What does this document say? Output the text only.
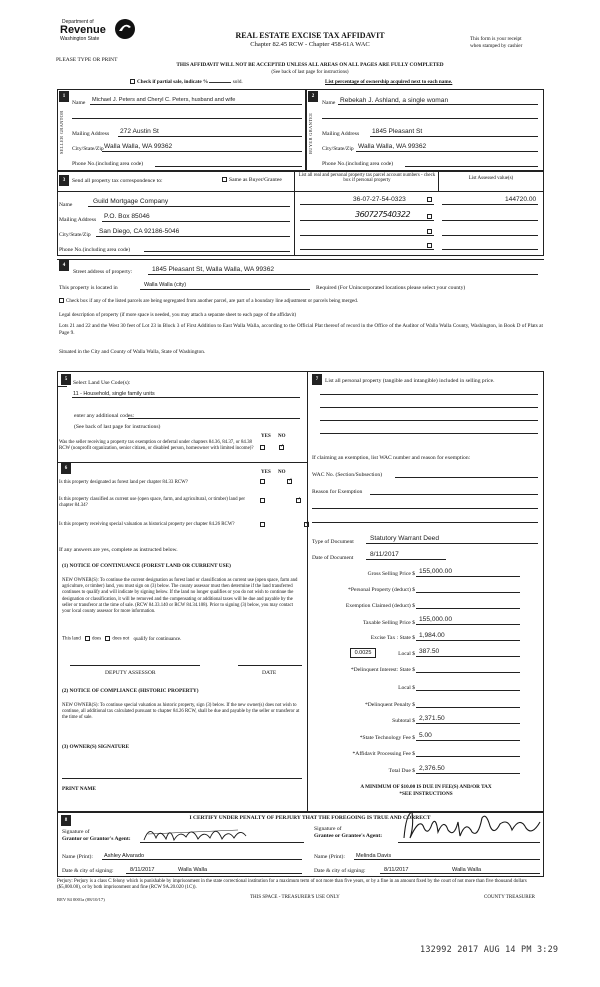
Department of
Revenue
Washington State	REAL ESTATE EXCISE TAX AFFIDAVIT
Chapter 82.45 RCW - Chapter 458-61A WAC
This form is your receipt
when stamped by cashier
PLEASE TYPE OR PRINT
THIS AFFIDAVIT WILL NOT BE ACCEPTED UNLESS ALL AREAS ON ALL PAGES ARE FULLY COMPLETED
(See back of last page for instructions)
Check if partial sale, indicate %	sold.	List percentage of ownership acquired next to each name.
1
SELLER GRANTOR
Name Michael J. Peters and Cheryl C. Peters, husband and wife
Mailing Address 272 Austin St
City/State/Zip Walla Walla, WA 99362
Phone No.(including area code)
2
BUYER GRANTEE
Name Rebekah J. Ashland, a single woman
Mailing Address 1845 Pleasant St
City/State/Zip Walla Walla, WA 99362
Phone No.(including area code)
3	Send all property tax correspondence to:	Same as Buyer/Grantee
List all real and personal property tax parcel account numbers - check box if personal property	List Assessed value(s)
Name	Guild Mortgage Company
Mailing Address P.O. Box 85046
City/State/Zip San Diego, CA 92186-5046
Phone No.(including area code)
36-07-27-54-0323	144720.00
360727540322
4
Street address of property:	1845 Pleasant St, Walla Walla, WA 99362
This property is located in	Walla Walla (city)	Required (For Unincorporated locations please select your county)
Check box if any of the listed parcels are being segregated from another parcel, are part of a boundary line adjustment or parcels being merged.
Legal description of property (if more space is needed, you may attach a separate sheet to each page of the affidavit)
Lots 21 and 22 and the West 30 feet of Lot 23 in Block 3 of First Addition to East Walla Walla, according to the Official Plat thereof of record in the Office of the Auditor of Walla Walla County, Washington, in Book D of Plats at Page 9.
Situated in the City and County of Walla Walla, State of Washington.
5
Select Land Use Code(s):
11 - Household, single family units
enter any additional codes:
(See back of last page for instructions)
YES NO
Was the seller receiving a property tax exemption or deferral under chapters 84.36, 84.37, or 84.38 RCW (nonprofit organization, senior citizen, or disabled person, homeowner with limited income)?
✓
6
YES NO
Is this property designated as forest land per chapter 84.33 RCW?
✓
Is this property classified as current use (open space, farm, and agricultural, or timber) land per chapter 84.34?
✓
Is this property receiving special valuation as historical property per chapter 84.26 RCW?
✓
If any answers are yes, complete as instructed below.
(1) NOTICE OF CONTINUANCE (FOREST LAND OR CURRENT USE)
NEW OWNER(S): To continue the current designation as forest land or classification as current use (open space, farm and agriculture, or timber) land, you must sign on (3) below. The county assessor must then determine if the land transferred continues to qualify and will indicate by signing below. If the land no longer qualifies or you do not wish to continue the designation or classification, it will be removed and the compensating or additional taxes will be due and payable by the seller or transferor at the time of sale. (RCW 84.33.140 or RCW 84.34.108). Prior to signing (3) below, you may contact your local county assessor for more information.
This land does does not qualify for continuance.
DEPUTY ASSESSOR	DATE
(2) NOTICE OF COMPLIANCE (HISTORIC PROPERTY)
NEW OWNER(S): To continue special valuation as historic property, sign (3) below. If the new owner(s) does not wish to continue, all additional tax calculated pursuant to chapter 84.26 RCW, shall be due and payable by the seller or transferor at the time of sale.
(3) OWNER(S) SIGNATURE
PRINT NAME
7	List all personal property (tangible and intangible) included in selling price.
If claiming an exemption, list WAC number and reason for exemption:
WAC No. (Section/Subsection)
Reason for Exemption
Type of Document Statutory Warrant Deed
Date of Document	8/11/2017
Gross Selling Price $ 155,000.00
*Personal Property (deduct) $
Exemption Claimed (deduct) $
Taxable Selling Price $ 155,000.00
Excise Tax : State $ 1,984.00
0.0025	Local $ 387.50
*Delinquent Interest: State $
Local $
*Delinquent Penalty $
Subtotal $ 2,371.50
*State Technology Fee $ 5.00
*Affidavit Processing Fee $
Total Due $ 2,376.50
A MINIMUM OF $10.00 IS DUE IN FEE(S) AND/OR TAX
*SEE INSTRUCTIONS
8	I CERTIFY UNDER PENALTY OF PERJURY THAT THE FOREGOING IS TRUE AND CORRECT
Signature of
Grantor or Grantor's Agent:
Signature of
Grantee or Grantee's Agent:
Name (Print): Ashley Alvarado	Name (Print): Melinda Davis
Date & city of signing:	8/11/2017	Walla Walla	Date & city of signing:	8/11/2017	Walla Walla
Perjury: Perjury is a class C felony which is punishable by imprisonment in the state correctional institution for a maximum term of not more than five years, or by a fine in an amount fixed by the court of not more than five thousand dollars ($5,000.00), or by both imprisonment and fine (RCW 9A.20.020 (1C)).
REV 84 0001a (08/10/17)	THIS SPACE - TREASURER'S USE ONLY	COUNTY TREASURER
132992 2017 AUG 14 PM 3:29
